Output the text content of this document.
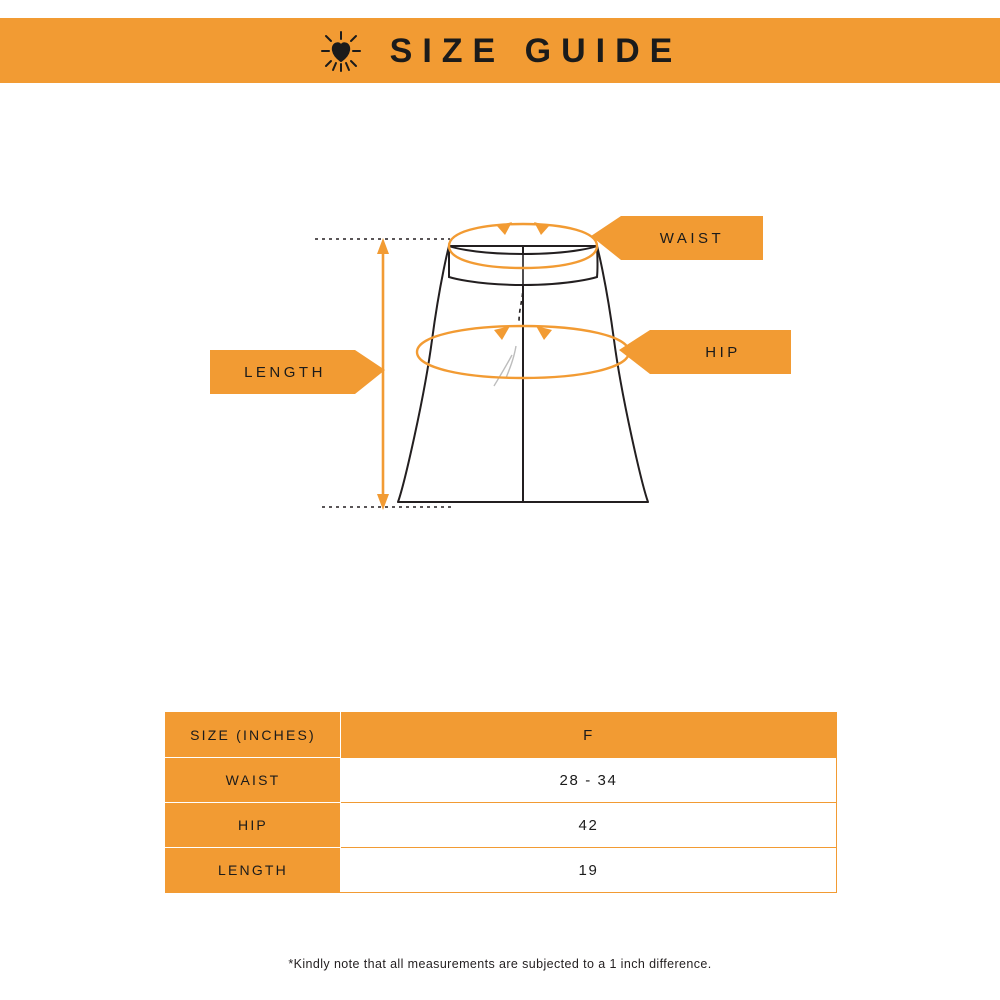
SIZE GUIDE
WAIST
HIP
LENGTH
SIZE (INCHES)	F
WAIST	28 - 34
HIP	42
LENGTH	19
*Kindly note that all measurements are subjected to a 1 inch difference.
